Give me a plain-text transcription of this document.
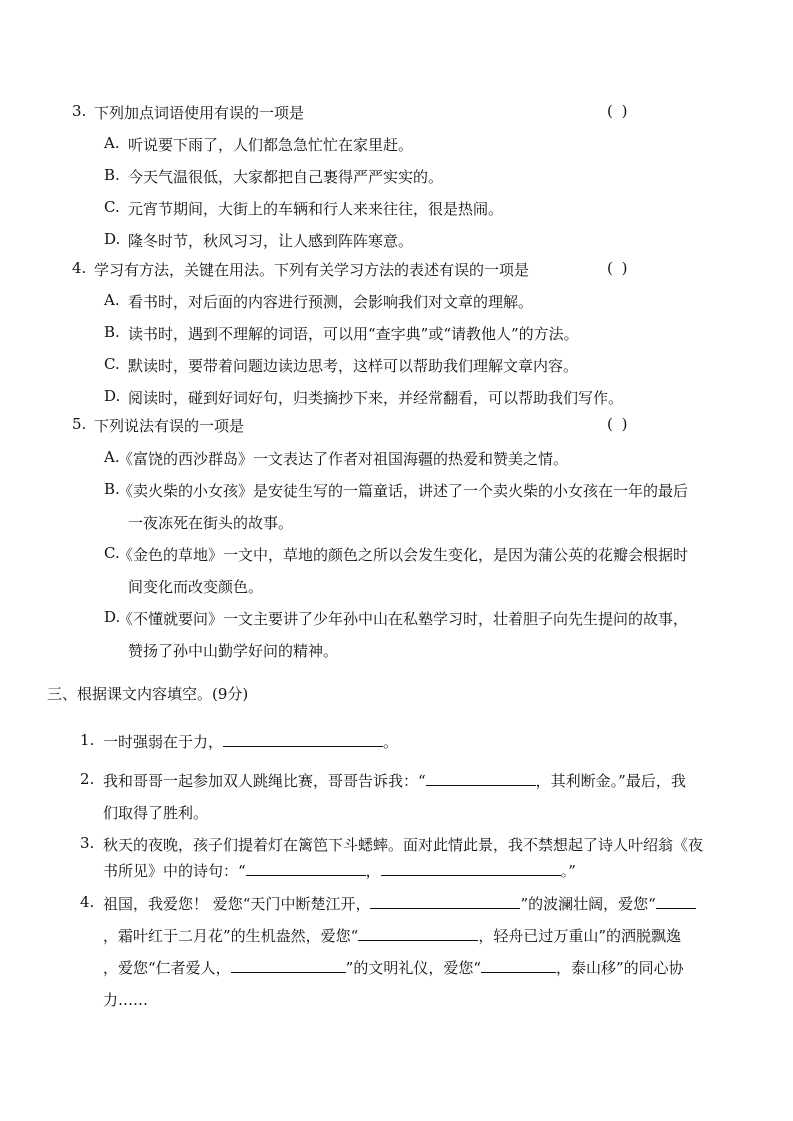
3. 下列加点词语使用有误的一项是	( )
A. 听说要下雨了，人们都急急忙忙在家里赶。
B. 今天气温很低，大家都把自己裹得严严实实的。
C. 元宵节期间，大街上的车辆和行人来来往往，很是热闹。
D. 隆冬时节，秋风习习，让人感到阵阵寒意。
4. 学习有方法，关键在用法。下列有关学习方法的表述有误的一项是	( )
A. 看书时，对后面的内容进行预测，会影响我们对文章的理解。
B. 读书时，遇到不理解的词语，可以用“查字典”或“请教他人”的方法。
C. 默读时，要带着问题边读边思考，这样可以帮助我们理解文章内容。
D. 阅读时，碰到好词好句，归类摘抄下来，并经常翻看，可以帮助我们写作。
5. 下列说法有误的一项是	( )
A.
《富饶的西沙群岛》一文表达了作者对祖国海疆的热爱和赞美之情。
B.
《卖火柴的小女孩》是安徒生写的一篇童话，讲述了一个卖火柴的小女孩在一年的最后
一夜冻死在街头的故事。
C.
《金色的草地》一文中，草地的颜色之所以会发生变化，是因为蒲公英的花瓣会根据时
间变化而改变颜色。
D.
《不懂就要问》一文主要讲了少年孙中山在私塾学习时，壮着胆子向先生提问的故事，
赞扬了孙中山勤学好问的精神。
三、根据课文内容填空。(9分)
1. 一时强弱在于力，	。
2. 我和哥哥一起参加双人跳绳比赛，哥哥告诉我：“	，其利断金。”最后，我
们取得了胜利。
3. 秋天的夜晚，孩子们提着灯在篱笆下斗蟋蟀。面对此情此景，我不禁想起了诗人叶绍翁《夜
书所见》中的诗句：“	，	。”
4. 祖国，我爱您！ 爱您“天门中断楚江开，	”的波澜壮阔，爱您“
，霜叶红于二月花”的生机盎然，爱您“	，轻舟已过万重山”的洒脱飘逸
，爱您“仁者爱人，	”的文明礼仪，爱您“	，泰山移”的同心协
力……
